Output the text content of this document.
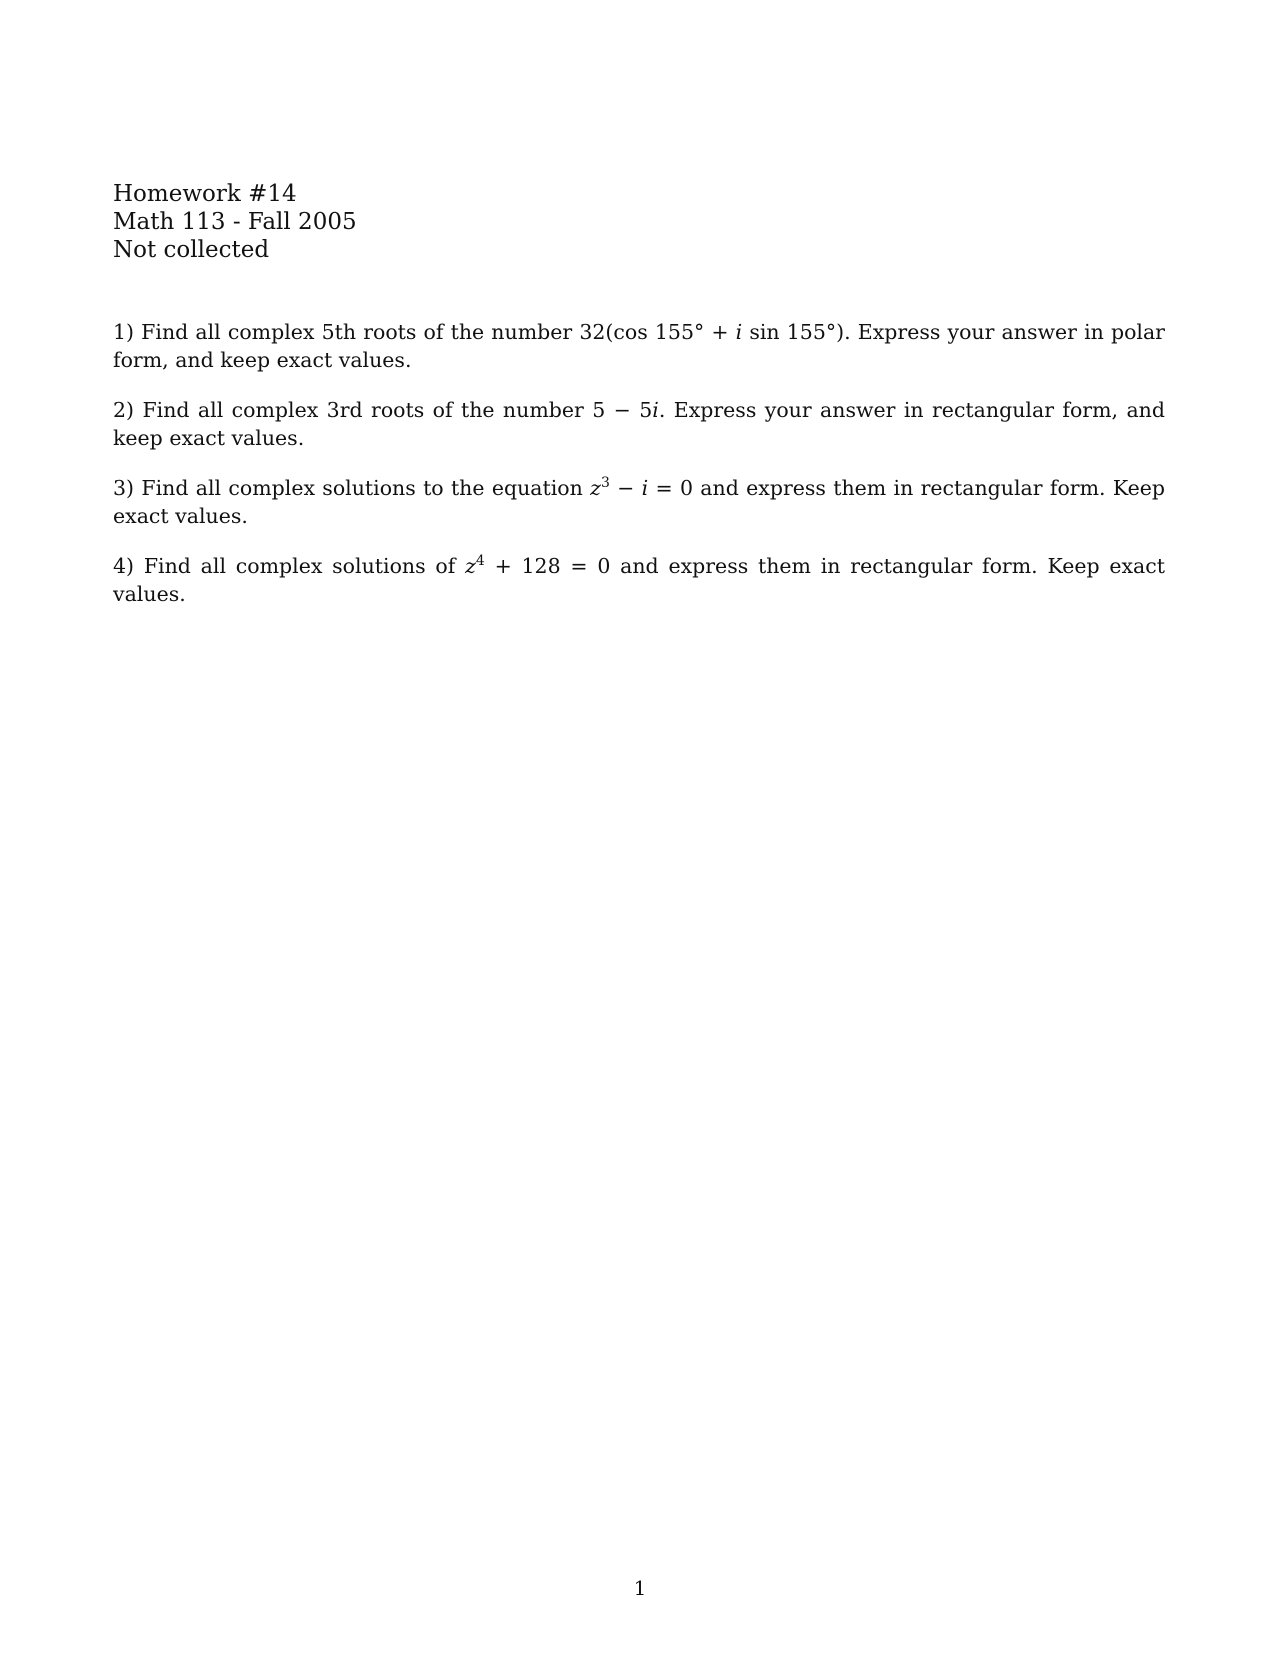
Homework #14
Math 113 - Fall 2005
Not collected

1) Find all complex 5th roots of the number 32(cos 155° + i sin 155°). Express your answer in polar form, and keep exact values.

2) Find all complex 3rd roots of the number 5 − 5i. Express your answer in rectangular form, and keep exact values.

3) Find all complex solutions to the equation $z^3 - i = 0$ and express them in rectangular form. Keep exact values.

4) Find all complex solutions of $z^4 + 128 = 0$ and express them in rectangular form. Keep exact values.

1
